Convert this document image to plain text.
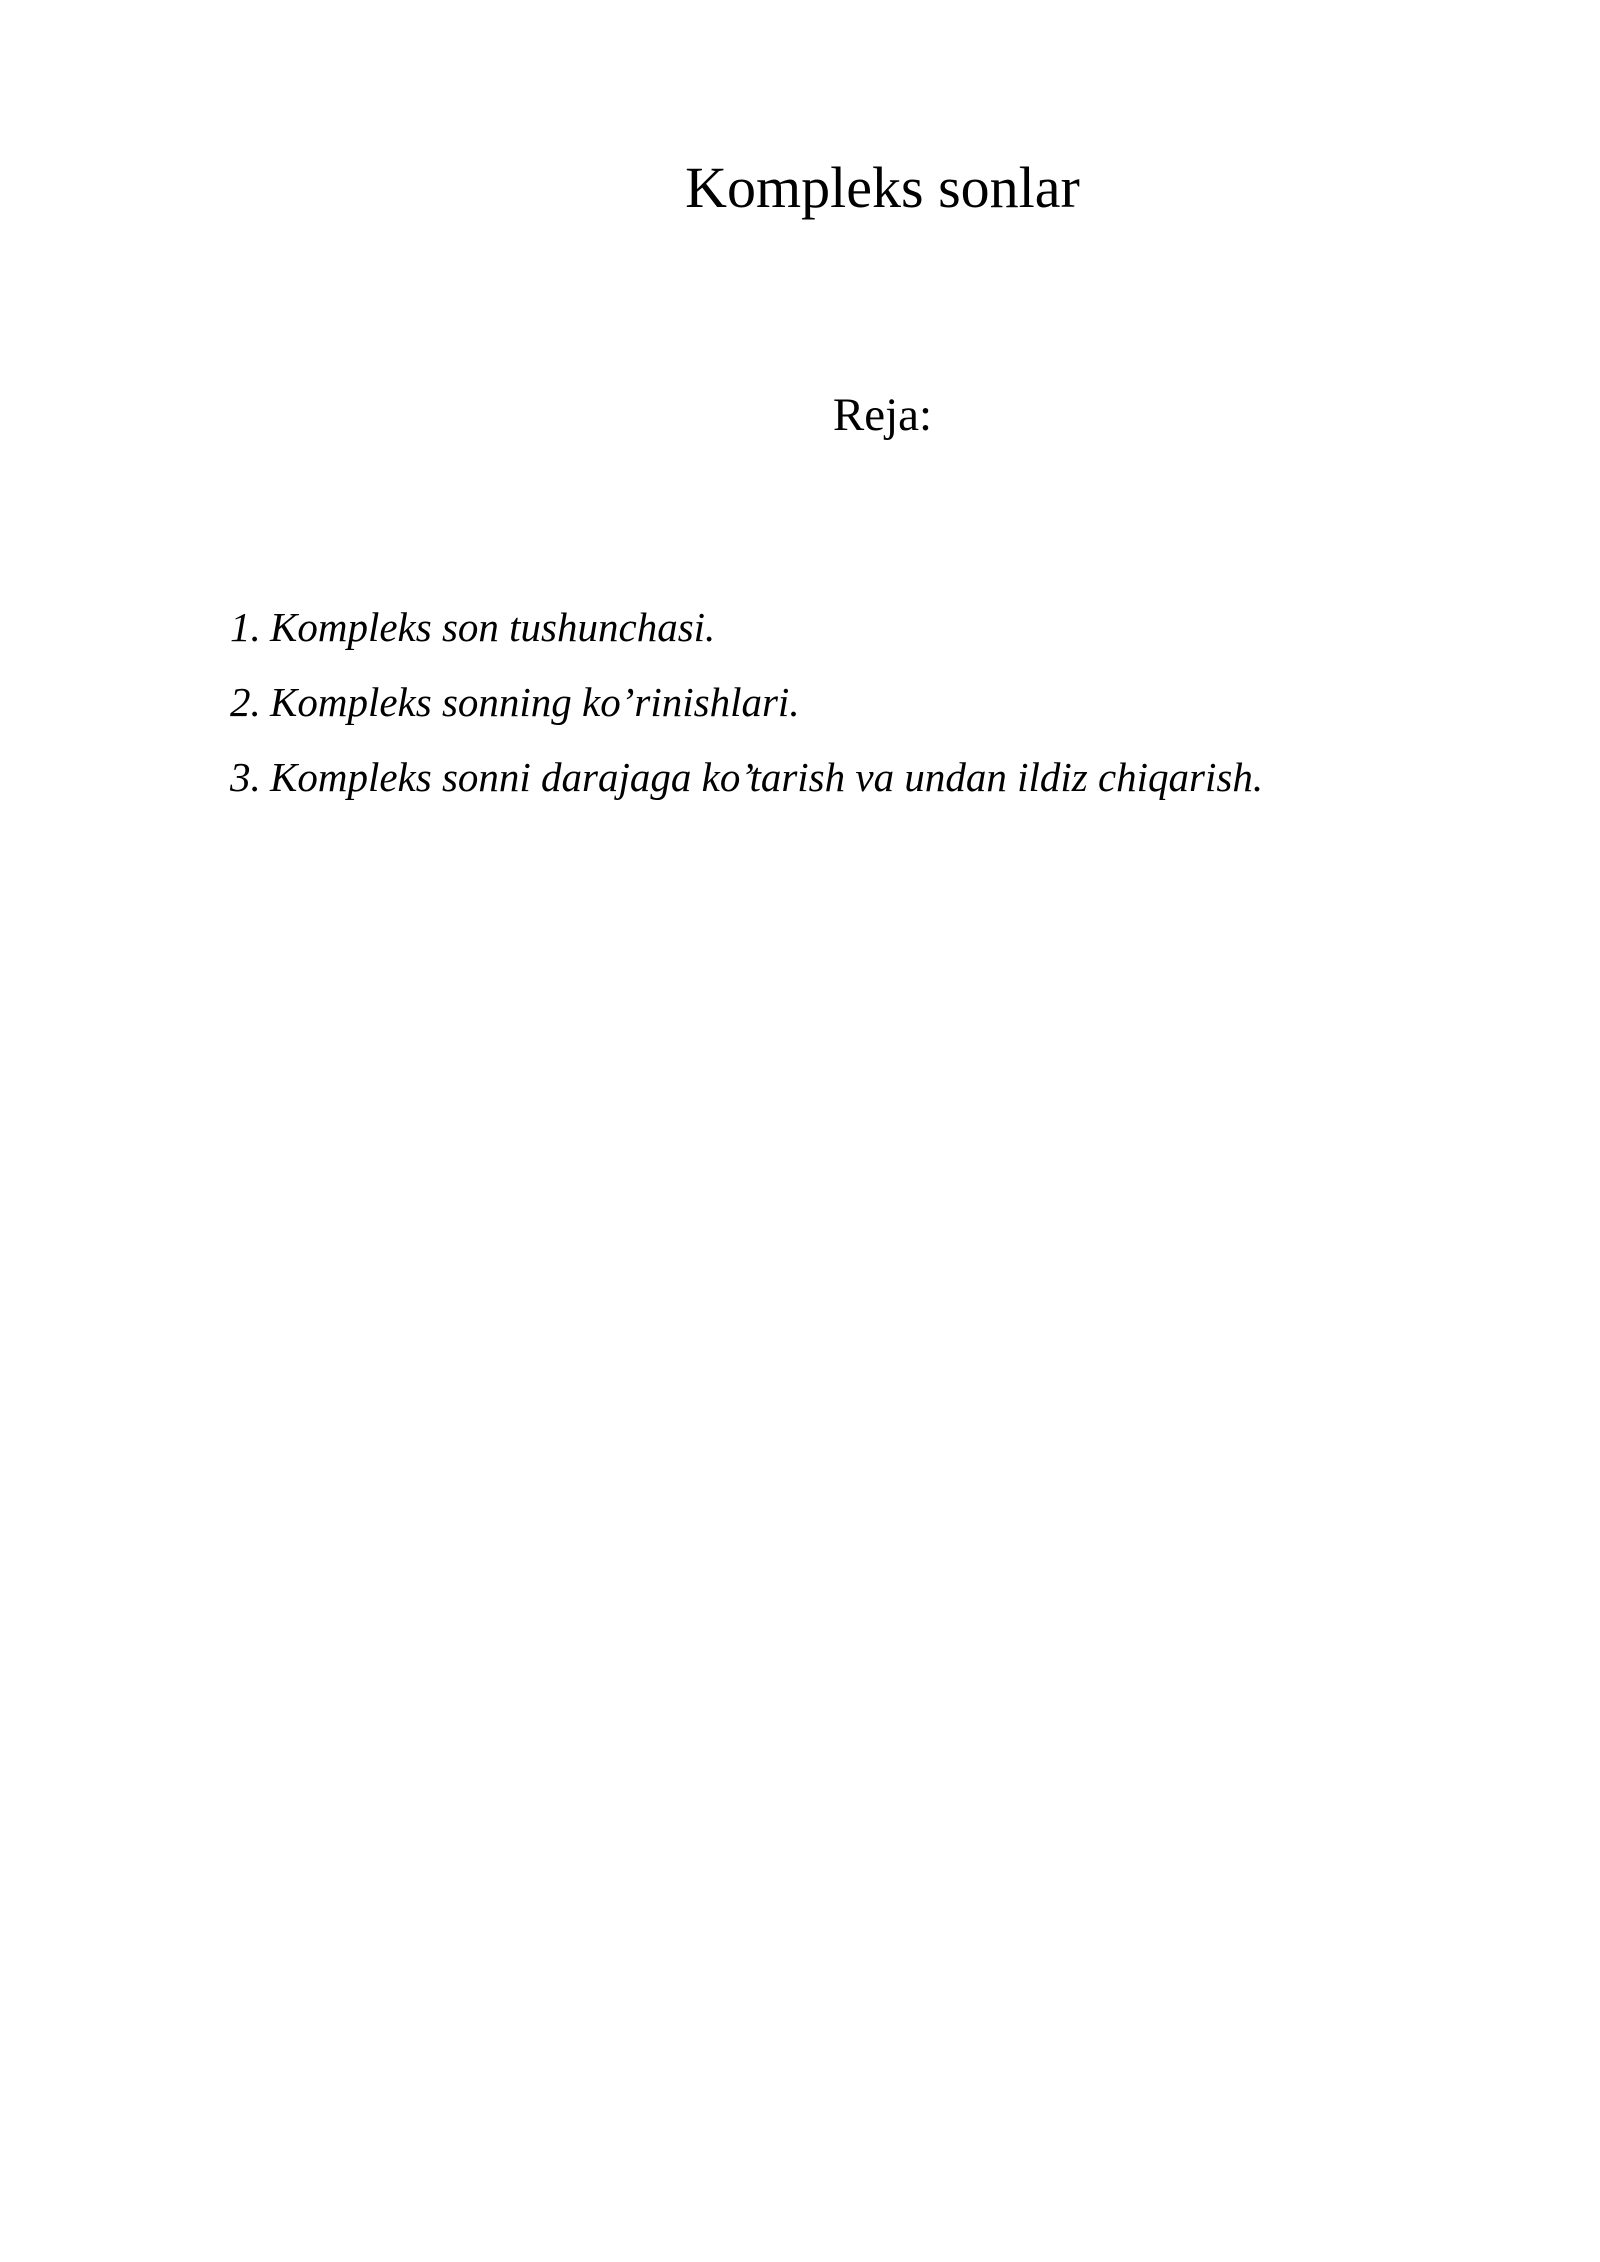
Kompleks sonlar
Reja:
1. Kompleks son tushunchasi.
2. Kompleks sonning ko’rinishlari.
3. Kompleks sonni darajaga ko’tarish va undan ildiz chiqarish.
